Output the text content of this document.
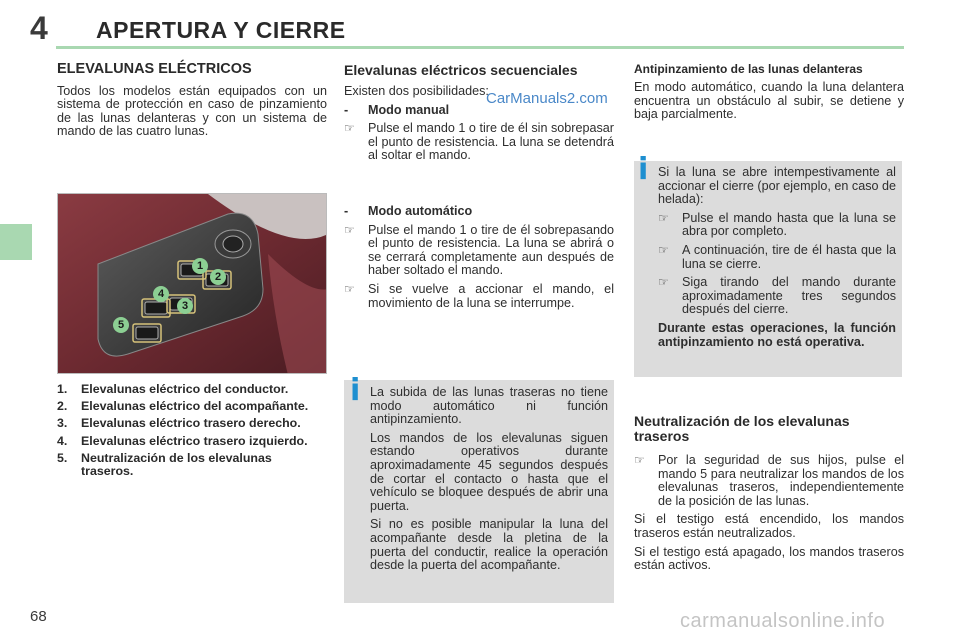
4 APERTURA Y CIERRE
68
ELEVALUNAS ELÉCTRICOS

Todos los modelos están equipados con un sistema de protección en caso de pinzamiento de las lunas delanteras y con un sistema de mando de las cuatro lunas.

1
2
3
4
5
1.	Elevalunas eléctrico del conductor.
2.	Elevalunas eléctrico del acompañante.
3.	Elevalunas eléctrico trasero derecho.
4.	Elevalunas eléctrico trasero izquierdo.
5.	Neutralización de los elevalunas traseros.
Elevalunas eléctricos secuenciales

Existen dos posibilidades:

-	Modo manual
☞	Pulse el mando 1 o tire de él sin sobrepasar el punto de resistencia. La luna se detendrá al soltar el mando.
-	Modo automático
☞	Pulse el mando 1 o tire de él sobrepasando el punto de resistencia. La luna se abrirá o se cerrará completamente aun después de haber soltado el mando.
☞	Si se vuelve a accionar el mando, el movimiento de la luna se interrumpe.
i La subida de las lunas traseras no tiene modo automático ni función antipinzamiento.

Los mandos de los elevalunas siguen estando operativos durante aproximadamente 45 segundos después de cortar el contacto o hasta que el vehículo se bloquee después de abrir una puerta.

Si no es posible manipular la luna del acompañante desde la pletina de la puerta del conductir, realice la operación desde la puerta del acompañante.

Antipinzamiento de las lunas delanteras

En modo automático, cuando la luna delantera encuentra un obstáculo al subir, se detiene y baja parcialmente.

i Si la luna se abre intempestivamente al accionar el cierre (por ejemplo, en caso de helada):

☞	Pulse el mando hasta que la luna se abra por completo.
☞	A continuación, tire de él hasta que la luna se cierre.
☞	Siga tirando del mando durante aproximadamente tres segundos después del cierre.

Durante estas operaciones, la función antipinzamiento no está operativa.

Neutralización de los elevalunas traseros
☞	Por la seguridad de sus hijos, pulse el mando 5 para neutralizar los mandos de los elevalunas traseros, independientemente de la posición de las lunas.

Si el testigo está encendido, los mandos traseros están neutralizados.

Si el testigo está apagado, los mandos traseros están activos.

CarManuals2.com
carmanualsonline.info
